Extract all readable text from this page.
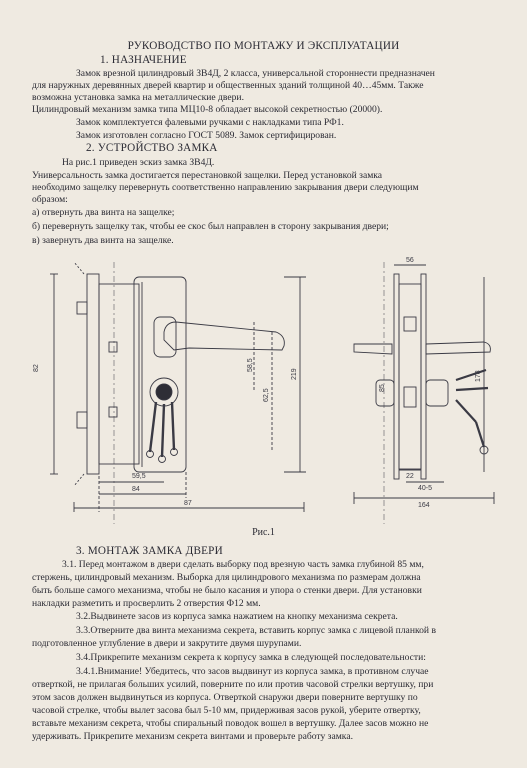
РУКОВОДСТВО ПО МОНТАЖУ И ЭКСПЛУАТАЦИИ
1. НАЗНАЧЕНИЕ
Замок врезной цилиндровый ЗВ4Д, 2 класса, универсальной стороннести предназначен
для наружных деревянных дверей квартир и общественных зданий толщиной 40…45мм. Также
возможна установка замка на металлические двери.
Цилиндровый механизм замка типа МЦ10-8 обладает высокой секретностью (20000).
Замок комплектуется фалевыми ручками с накладками типа РФ1.
Замок изготовлен согласно ГОСТ 5089. Замок сертифицирован.
2. УСТРОЙСТВО ЗАМКА
На рис.1 приведен эскиз замка ЗВ4Д.
Универсальность замка достигается перестановкой защелки. Перед установкой замка
необходимо защелку перевернуть соответственно направлению закрывания двери следующим
образом:
а) отвернуть два винта на защелке;
б) перевернуть защелку так, чтобы ее скос был направлен в сторону закрывания двери;
в) завернуть два винта на защелке.
82
59,5
84
87
58,5
62,5
219
56
164
22
40-5
85
178
Рис.1
3. МОНТАЖ ЗАМКА ДВЕРИ
3.1. Перед монтажом в двери сделать выборку под врезную часть замка глубиной 85 мм,
стержень, цилиндровый механизм. Выборка для цилиндрового механизма по размерам должна
быть больше самого механизма, чтобы не было касания и упора о стенки двери. Для установки
накладки разметить и просверлить 2 отверстия Ф12 мм.
3.2.Выдвинете засов из корпуса замка нажатием на кнопку механизма секрета.
3.3.Отверните два винта механизма секрета, вставить корпус замка с лицевой планкой в
подготовленное углубление в двери и закрутите двумя шурупами.
3.4.Прикрепите механизм секрета к корпусу замка в следующей последовательности:
3.4.1.Внимание! Убедитесь, что засов выдвинут из корпуса замка, в противном случае
отверткой, не прилагая больших усилий, поверните по или против часовой стрелки вертушку, при
этом засов должен выдвинуться из корпуса. Отверткой снаружи двери поверните вертушку по
часовой стрелке, чтобы вылет засова был 5-10 мм, придерживая засов рукой, уберите отвертку,
вставьте механизм секрета, чтобы спиральный поводок вошел в вертушку. Далее засов можно не
удерживать. Прикрепите механизм секрета винтами и проверьте работу замка.
